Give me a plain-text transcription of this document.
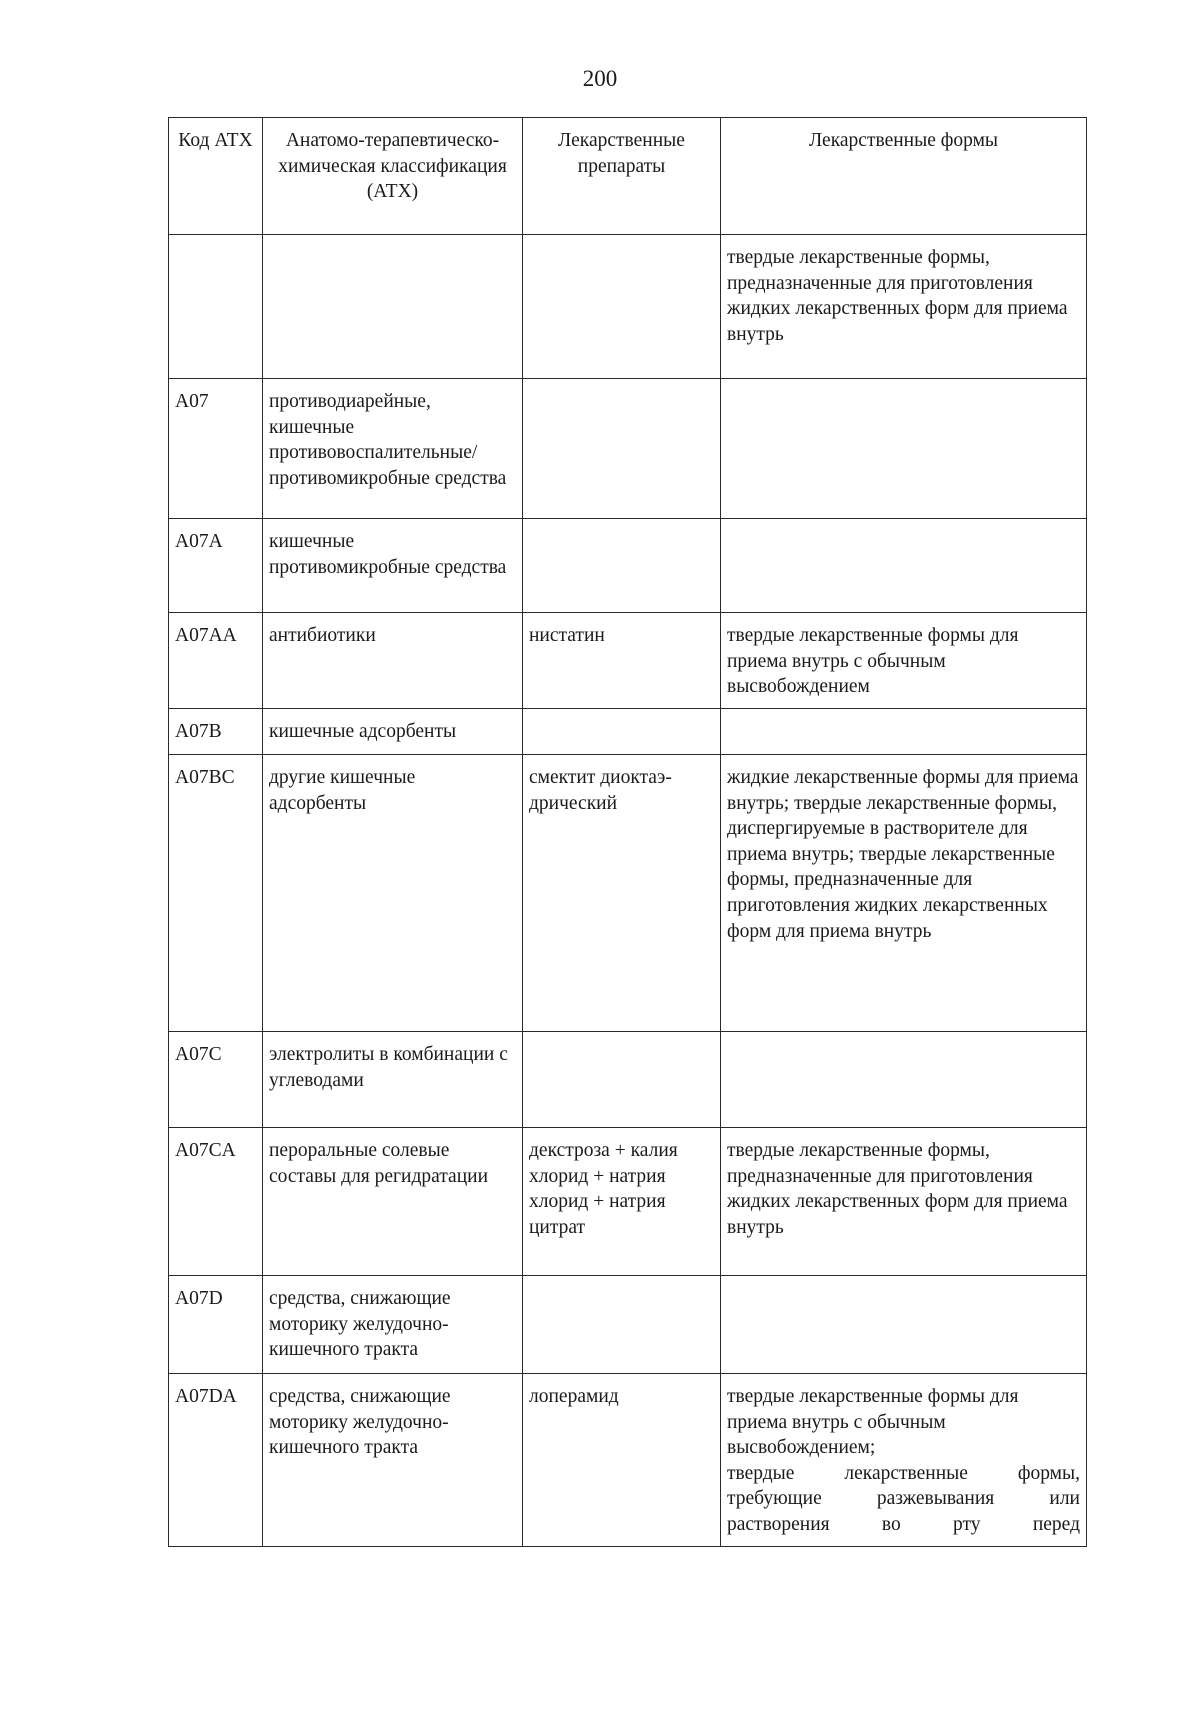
200
Код АТХ	Анатомо-терапевтическо-химическая классификация (АТХ)	Лекарственные препараты	Лекарственные формы
			твердые лекарственные формы, предназначенные для приготовления жидких лекарственных форм для приема внутрь
A07	противодиарейные, кишечные противовоспалительные/ противомикробные средства		
A07A	кишечные противомикробные средства		
A07AA	антибиотики	нистатин	твердые лекарственные формы для приема внутрь с обычным высвобождением
A07B	кишечные адсорбенты		
A07BC	другие кишечные адсорбенты	смектит диоктаэ-дрический	жидкие лекарственные формы для приема внутрь; твердые лекарственные формы, диспергируемые в растворителе для приема внутрь; твердые лекарственные формы, предназначенные для приготовления жидких лекарственных форм для приема внутрь
A07C	электролиты в комбинации с углеводами		
A07CA	пероральные солевые составы для регидратации	декстроза + калия хлорид + натрия хлорид + натрия цитрат	твердые лекарственные формы, предназначенные для приготовления жидких лекарственных форм для приема внутрь
A07D	средства, снижающие моторику желудочно-кишечного тракта		
A07DA	средства, снижающие моторику желудочно-кишечного тракта	лоперамид	твердые лекарственные формы для приема внутрь с обычным высвобождением;
твердые лекарственные формы,
требующие разжевывания или
растворения во рту перед
